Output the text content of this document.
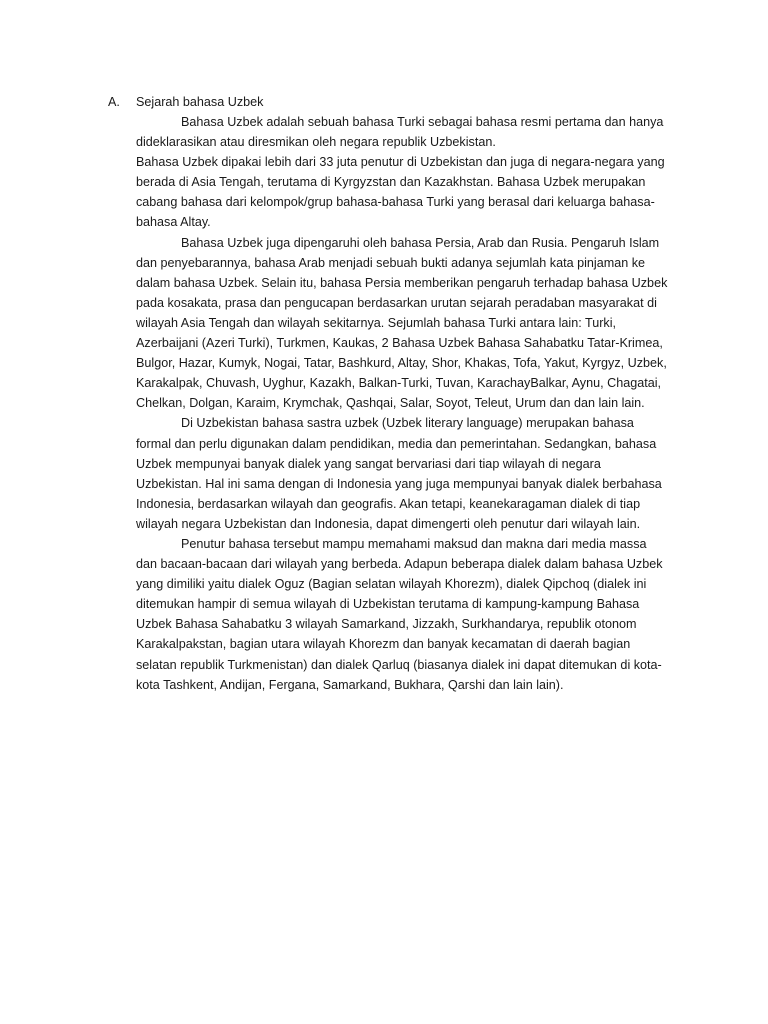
A.	Sejarah bahasa Uzbek

Bahasa Uzbek adalah sebuah bahasa Turki sebagai bahasa resmi pertama dan hanya dideklarasikan atau diresmikan oleh negara republik Uzbekistan.

Bahasa Uzbek dipakai lebih dari 33 juta penutur di Uzbekistan dan juga di negara-negara yang berada di Asia Tengah, terutama di Kyrgyzstan dan Kazakhstan. Bahasa Uzbek merupakan cabang bahasa dari kelompok/grup bahasa-bahasa Turki yang berasal dari keluarga bahasa-bahasa Altay.

Bahasa Uzbek juga dipengaruhi oleh bahasa Persia, Arab dan Rusia. Pengaruh Islam dan penyebarannya, bahasa Arab menjadi sebuah bukti adanya sejumlah kata pinjaman ke dalam bahasa Uzbek. Selain itu, bahasa Persia memberikan pengaruh terhadap bahasa Uzbek pada kosakata, prasa dan pengucapan berdasarkan urutan sejarah peradaban masyarakat di wilayah Asia Tengah dan wilayah sekitarnya. Sejumlah bahasa Turki antara lain: Turki, Azerbaijani (Azeri Turki), Turkmen, Kaukas, 2 Bahasa Uzbek Bahasa Sahabatku Tatar-Krimea, Bulgor, Hazar, Kumyk, Nogai, Tatar, Bashkurd, Altay, Shor, Khakas, Tofa, Yakut, Kyrgyz, Uzbek, Karakalpak, Chuvash, Uyghur, Kazakh, Balkan-Turki, Tuvan, KarachayBalkar, Aynu, Chagatai, Chelkan, Dolgan, Karaim, Krymchak, Qashqai, Salar, Soyot, Teleut, Urum dan dan lain lain.

Di Uzbekistan bahasa sastra uzbek (Uzbek literary language) merupakan bahasa formal dan perlu digunakan dalam pendidikan, media dan pemerintahan. Sedangkan, bahasa Uzbek mempunyai banyak dialek yang sangat bervariasi dari tiap wilayah di negara Uzbekistan. Hal ini sama dengan di Indonesia yang juga mempunyai banyak dialek berbahasa Indonesia, berdasarkan wilayah dan geografis. Akan tetapi, keanekaragaman dialek di tiap wilayah negara Uzbekistan dan Indonesia, dapat dimengerti oleh penutur dari wilayah lain.

Penutur bahasa tersebut mampu memahami maksud dan makna dari media massa dan bacaan-bacaan dari wilayah yang berbeda. Adapun beberapa dialek dalam bahasa Uzbek yang dimiliki yaitu dialek Oguz (Bagian selatan wilayah Khorezm), dialek Qipchoq (dialek ini ditemukan hampir di semua wilayah di Uzbekistan terutama di kampung-kampung Bahasa Uzbek Bahasa Sahabatku 3 wilayah Samarkand, Jizzakh, Surkhandarya, republik otonom Karakalpakstan, bagian utara wilayah Khorezm dan banyak kecamatan di daerah bagian selatan republik Turkmenistan) dan dialek Qarluq (biasanya dialek ini dapat ditemukan di kota-kota Tashkent, Andijan, Fergana, Samarkand, Bukhara, Qarshi dan lain lain).
